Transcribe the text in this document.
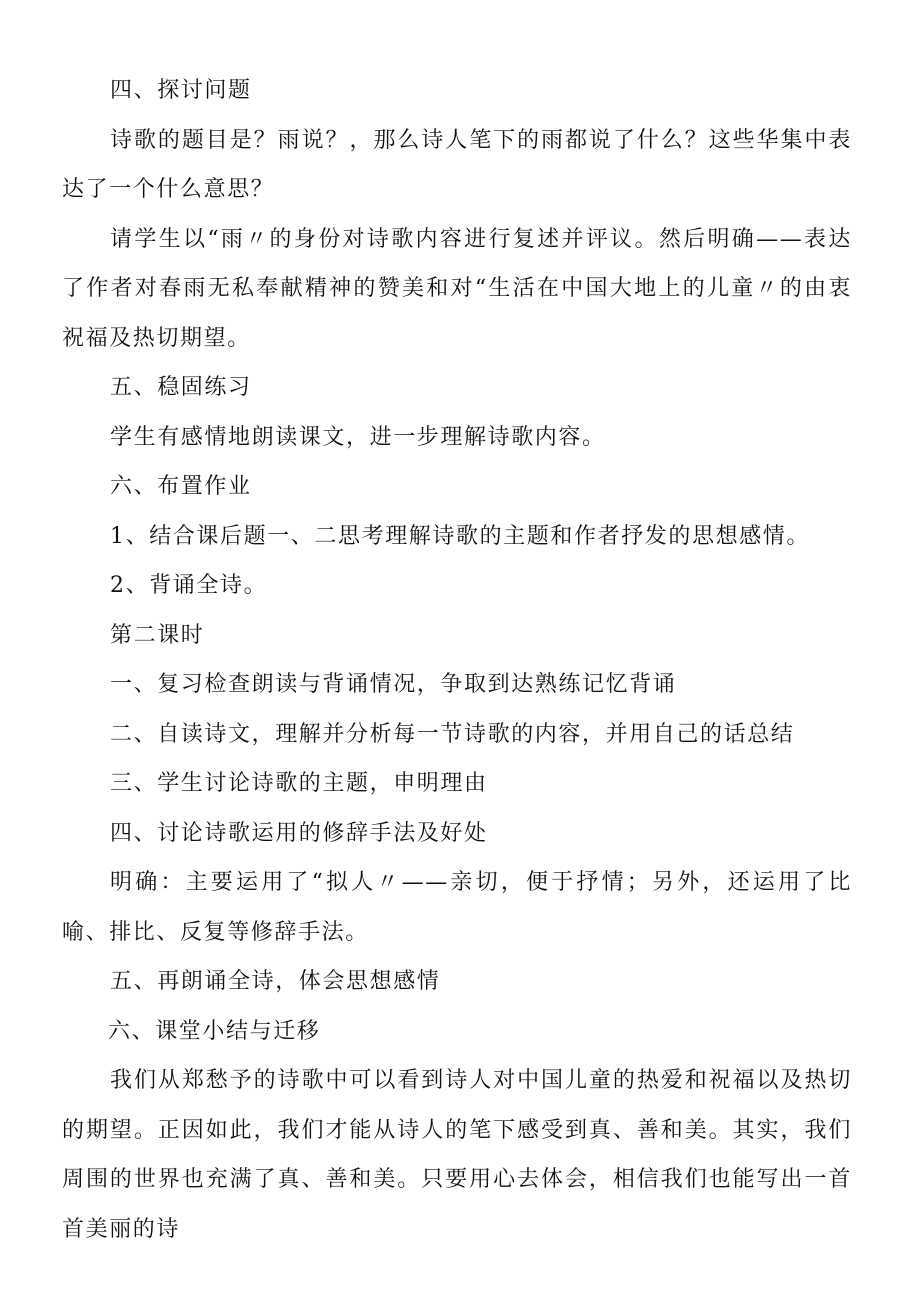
四、探讨问题

诗歌的题目是？雨说？，那么诗人笔下的雨都说了什么？这些华集中表达了一个什么意思？

请学生以“雨〃的身份对诗歌内容进行复述并评议。然后明确——表达了作者对春雨无私奉献精神的赞美和对“生活在中国大地上的儿童〃的由衷祝福及热切期望。

五、稳固练习

学生有感情地朗读课文，进一步理解诗歌内容。

六、布置作业

1、结合课后题一、二思考理解诗歌的主题和作者抒发的思想感情。

2、背诵全诗。

第二课时

一、复习检查朗读与背诵情况，争取到达熟练记忆背诵

二、自读诗文，理解并分析每一节诗歌的内容，并用自己的话总结

三、学生讨论诗歌的主题，申明理由

四、讨论诗歌运用的修辞手法及好处

明确：主要运用了“拟人〃——亲切，便于抒情；另外，还运用了比喻、排比、反复等修辞手法。

五、再朗诵全诗，体会思想感情

六、课堂小结与迁移

我们从郑愁予的诗歌中可以看到诗人对中国儿童的热爱和祝福以及热切的期望。正因如此，我们才能从诗人的笔下感受到真、善和美。其实，我们周围的世界也充满了真、善和美。只要用心去体会，相信我们也能写出一首首美丽的诗
